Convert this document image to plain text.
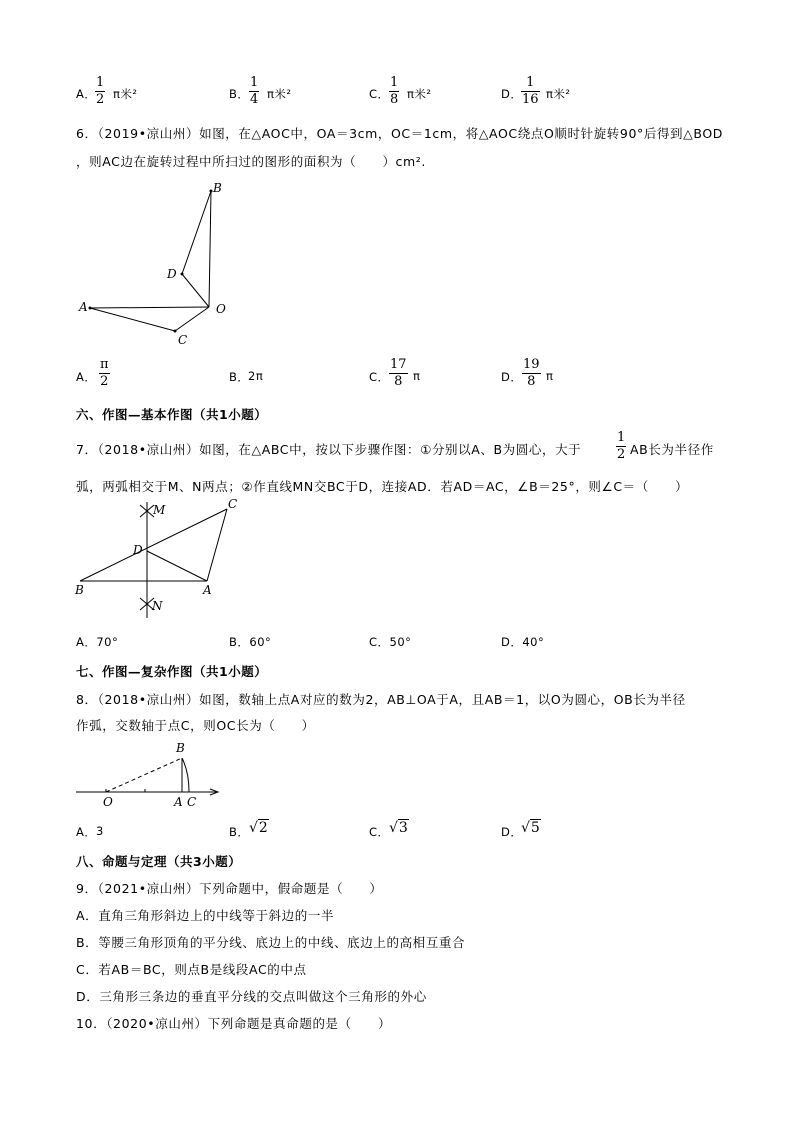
A．
1
2 π米²	B．
1
4 π米²	C．
1
8 π米²	D．
1
16 π米²
6．（2019•凉山州）如图，在△AOC中，OA＝3cm，OC＝1cm，将△AOC绕点O顺时针旋转90°后得到△BOD
，则AC边在旋转过程中所扫过的图形的面积为（　　）cm².
B
D
A	O
C
A．
π
2	B．
2π	C．
17
8 π	D．
19
8 π
六、作图—基本作图（共1小题）
7．（2018•凉山州）如图，在△ABC中，按以下步骤作图：①分别以A、B为圆心，大于
1
2 AB长为半径作
弧，两弧相交于M、N两点；②作直线MN交BC于D，连接AD．若AD＝AC，∠B＝25°，则∠C＝（　　）
M	C
D
B	A
N
A．70°	B．60°	C．50°	D．40°
七、作图—复杂作图（共1小题）
8．（2018•凉山州）如图，数轴上点A对应的数为2，AB⊥OA于A，且AB＝1，以O为圆心，OB长为半径
作弧，交数轴于点C，则OC长为（　　）
B
O	A C
A． 3	B． √2	C． √3	D．
√5
八、命题与定理（共3小题）
9．（2021•凉山州）下列命题中，假命题是（　　）
A．直角三角形斜边上的中线等于斜边的一半
B．等腰三角形顶角的平分线、底边上的中线、底边上的高相互重合
C．若AB＝BC，则点B是线段AC的中点
D．三角形三条边的垂直平分线的交点叫做这个三角形的外心
10．（2020•凉山州）下列命题是真命题的是（　　）
